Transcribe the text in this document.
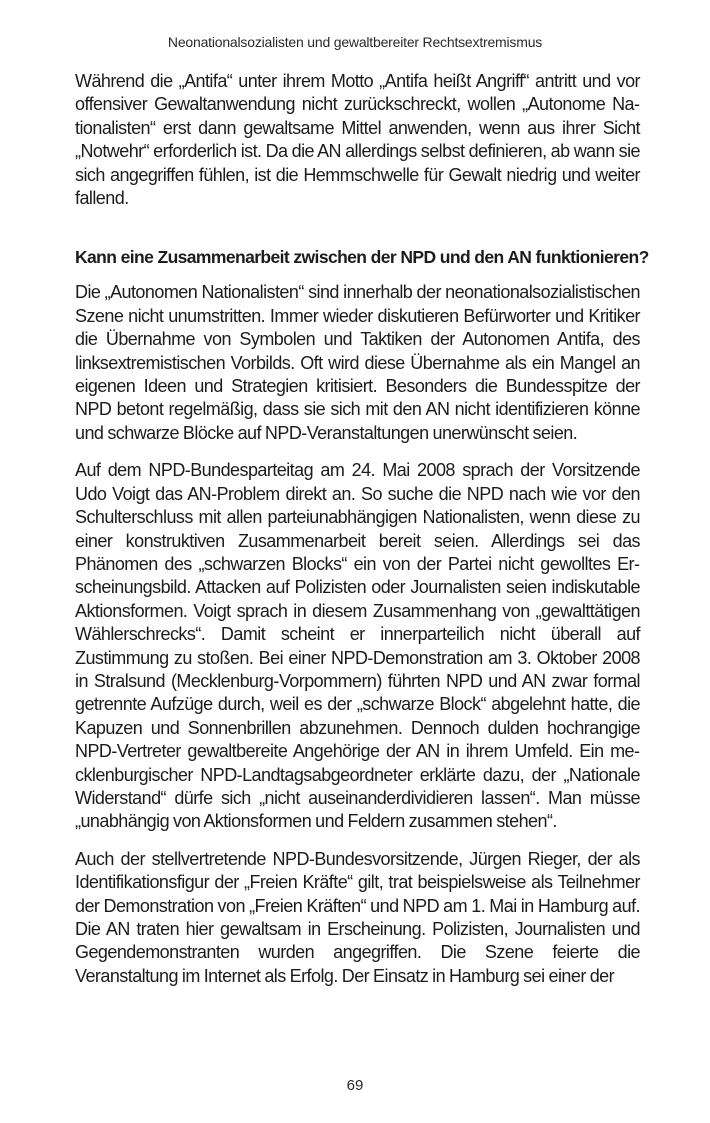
Neonationalsozialisten und gewaltbereiter Rechtsextremismus

Während die „Antifa“ unter ihrem Motto „Antifa heißt Angriff“ antritt und vor offensiver Gewaltanwendung nicht zurückschreckt, wollen „Autonome Nationalisten“ erst dann gewaltsame Mittel anwenden, wenn aus ihrer Sicht „Notwehr“ erforderlich ist. Da die AN allerdings selbst definieren, ab wann sie sich angegriffen fühlen, ist die Hemmschwelle für Gewalt niedrig und weiter fallend.

Kann eine Zusammenarbeit zwischen der NPD und den AN funktionieren?

Die „Autonomen Nationalisten“ sind innerhalb der neonationalsozialistischen Szene nicht unumstritten. Immer wieder diskutieren Befürworter und Kritiker die Übernahme von Symbolen und Taktiken der Autonomen Antifa, des linksextremistischen Vorbilds. Oft wird diese Übernahme als ein Mangel an eigenen Ideen und Strategien kritisiert. Besonders die Bundesspitze der NPD betont regelmäßig, dass sie sich mit den AN nicht identifizieren könne und schwarze Blöcke auf NPD-Veranstaltungen unerwünscht seien.

Auf dem NPD-Bundesparteitag am 24. Mai 2008 sprach der Vorsitzende Udo Voigt das AN-Problem direkt an. So suche die NPD nach wie vor den Schulterschluss mit allen parteiunabhängigen Nationalisten, wenn diese zu einer konstruktiven Zusammenarbeit bereit seien. Allerdings sei das Phänomen des „schwarzen Blocks“ ein von der Partei nicht gewolltes Erscheinungsbild. Attacken auf Polizisten oder Journalisten seien indiskutable Aktionsformen. Voigt sprach in diesem Zusammenhang von „gewalttätigen Wählerschrecks“. Damit scheint er innerparteilich nicht überall auf Zustimmung zu stoßen. Bei einer NPD-Demonstration am 3. Oktober 2008 in Stralsund (Mecklenburg-Vorpommern) führten NPD und AN zwar formal getrennte Aufzüge durch, weil es der „schwarze Block“ abgelehnt hatte, die Kapuzen und Sonnenbrillen abzunehmen. Dennoch dulden hochrangige NPD-Vertreter gewaltbereite Angehörige der AN in ihrem Umfeld. Ein mecklenburgischer NPD-Landtagsabgeordneter erklärte dazu, der „Nationale Widerstand“ dürfe sich „nicht auseinanderdividieren lassen“. Man müsse „unabhängig von Aktionsformen und Feldern zusammen stehen“.

Auch der stellvertretende NPD-Bundesvorsitzende, Jürgen Rieger, der als Identifikationsfigur der „Freien Kräfte“ gilt, trat beispielsweise als Teilnehmer der Demonstration von „Freien Kräften“ und NPD am 1. Mai in Hamburg auf. Die AN traten hier gewaltsam in Erscheinung. Polizisten, Journalisten und Gegendemonstranten wurden angegriffen. Die Szene feierte die Veranstaltung im Internet als Erfolg. Der Einsatz in Hamburg sei einer der

69
